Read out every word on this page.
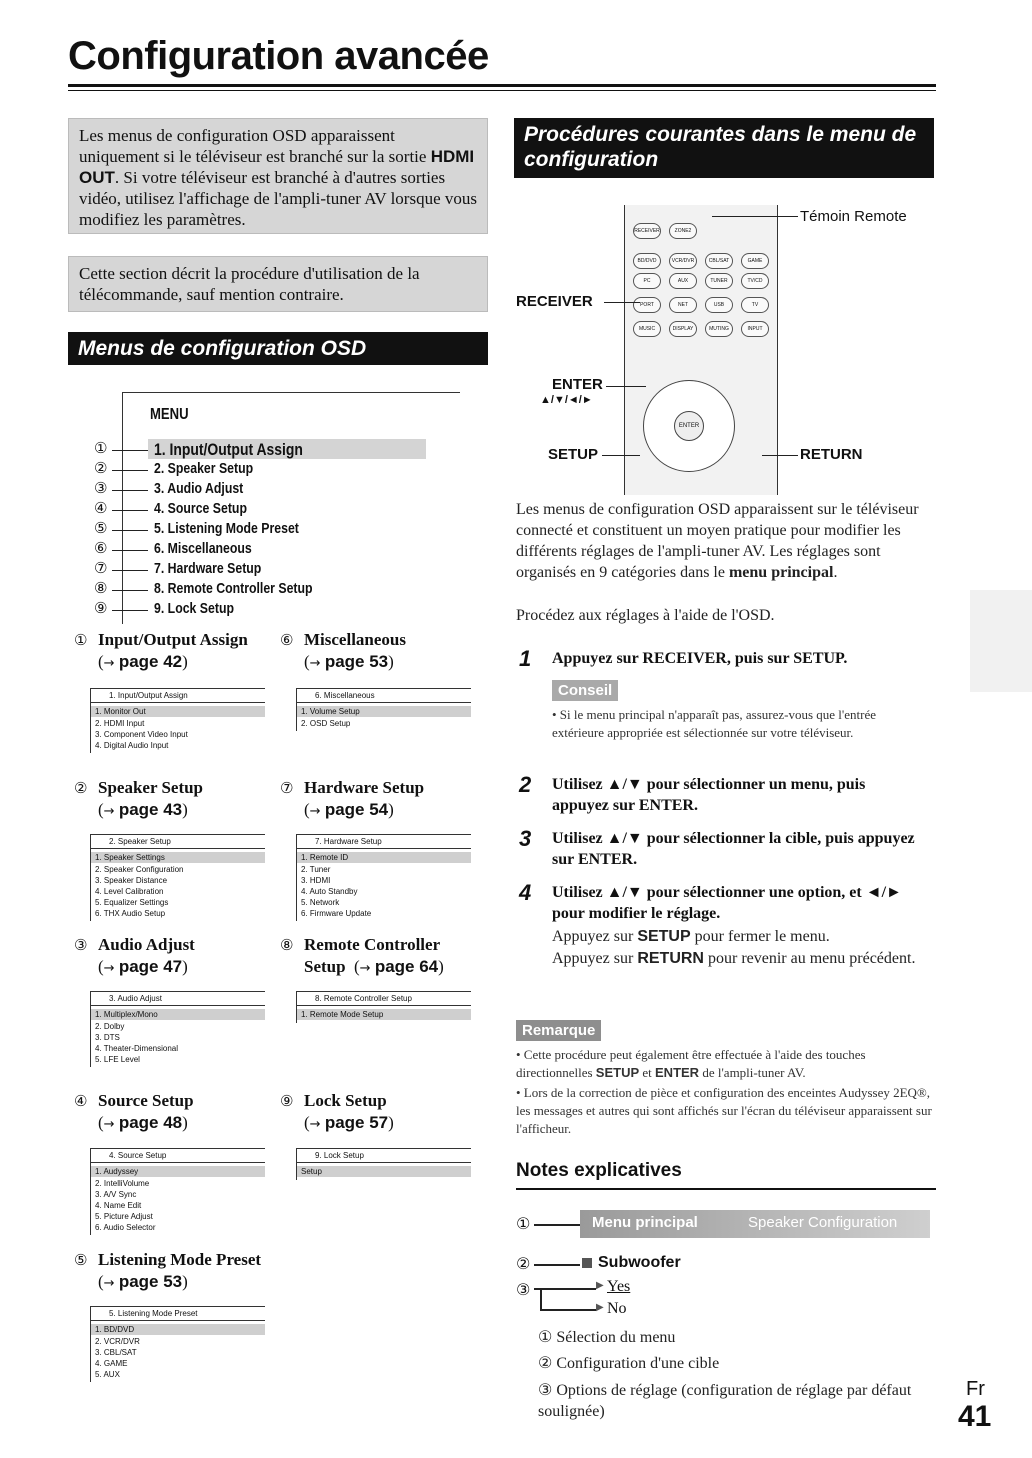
Configuration avancée
Les menus de configuration OSD apparaissent uniquement si le téléviseur est branché sur la sortie HDMI OUT. Si votre téléviseur est branché à d'autres sorties vidéo, utilisez l'affichage de l'ampli-tuner AV lorsque vous modifiez les paramètres.
Cette section décrit la procédure d'utilisation de la télécommande, sauf mention contraire.
Menus de configuration OSD
MENU
①	1. Input/Output Assign
②	2. Speaker Setup
③	3. Audio Adjust
④	4. Source Setup
⑤	5. Listening Mode Preset
⑥	6. Miscellaneous
⑦	7. Hardware Setup
⑧	8. Remote Controller Setup
⑨	9. Lock Setup
① Input/Output Assign
(→ page 42)
1. Input/Output Assign
1. Monitor Out
2. HDMI Input
3. Component Video Input
4. Digital Audio Input
② Speaker Setup
(→ page 43)
2. Speaker Setup
1. Speaker Settings
2. Speaker Configuration
3. Speaker Distance
4. Level Calibration
5. Equalizer Settings
6. THX Audio Setup
③ Audio Adjust
(→ page 47)
3. Audio Adjust
1. Multiplex/Mono
2. Dolby
3. DTS
4. Theater-Dimensional
5. LFE Level
④ Source Setup
(→ page 48)
4. Source Setup
1. Audyssey
2. IntelliVolume
3. A/V Sync
4. Name Edit
5. Picture Adjust
6. Audio Selector
⑤ Listening Mode Preset
(→ page 53)
5. Listening Mode Preset
1. BD/DVD
2. VCR/DVR
3. CBL/SAT
4. GAME
5. AUX
⑥ Miscellaneous
(→ page 53)
6. Miscellaneous
1. Volume Setup
2. OSD Setup
⑦ Hardware Setup
(→ page 54)
7. Hardware Setup
1. Remote ID
2. Tuner
3. HDMI
4. Auto Standby
5. Network
6. Firmware Update
⑧ Remote Controller
Setup (→ page 64)
8. Remote Controller Setup
1. Remote Mode Setup
⑨ Lock Setup
(→ page 57)
9. Lock Setup
Setup
Procédures courantes dans le menu de configuration
RECEIVER	ZONE2
BD/DVD	VCR/DVR	CBL/SAT	GAME
PC	AUX	TUNER	TV/CD
PORT	NET	USB	TV
MUSIC	DISPLAY	MUTING	INPUT
ENTER
Témoin Remote
RECEIVER
ENTER
▲/▼/◄/►
SETUP	RETURN
Les menus de configuration OSD apparaissent sur le téléviseur connecté et constituent un moyen pratique pour modifier les différents réglages de l'ampli-tuner AV. Les réglages sont organisés en 9 catégories dans le menu principal.
Procédez aux réglages à l'aide de l'OSD.
1 Appuyez sur RECEIVER, puis sur SETUP.
Conseil
• Si le menu principal n'apparaît pas, assurez-vous que l'entrée extérieure appropriée est sélectionnée sur votre téléviseur.
2 Utilisez ▲/▼ pour sélectionner un menu, puis appuyez sur ENTER.
3 Utilisez ▲/▼ pour sélectionner la cible, puis appuyez sur ENTER.
4 Utilisez ▲/▼ pour sélectionner une option, et ◄/► pour modifier le réglage.
Appuyez sur SETUP pour fermer le menu.
Appuyez sur RETURN pour revenir au menu précédent.
Remarque
• Cette procédure peut également être effectuée à l'aide des touches directionnelles SETUP et ENTER de l'ampli-tuner AV.
• Lors de la correction de pièce et configuration des enceintes Audyssey 2EQ®, les messages et autres qui sont affichés sur l'écran du téléviseur apparaissent sur l'afficheur.
Notes explicatives
①	Menu principal	Speaker Configuration
②	Subwoofer
③	▶ Yes
▶ No
① Sélection du menu
② Configuration d'une cible
③ Options de réglage (configuration de réglage par défaut soulignée)
Fr
41
